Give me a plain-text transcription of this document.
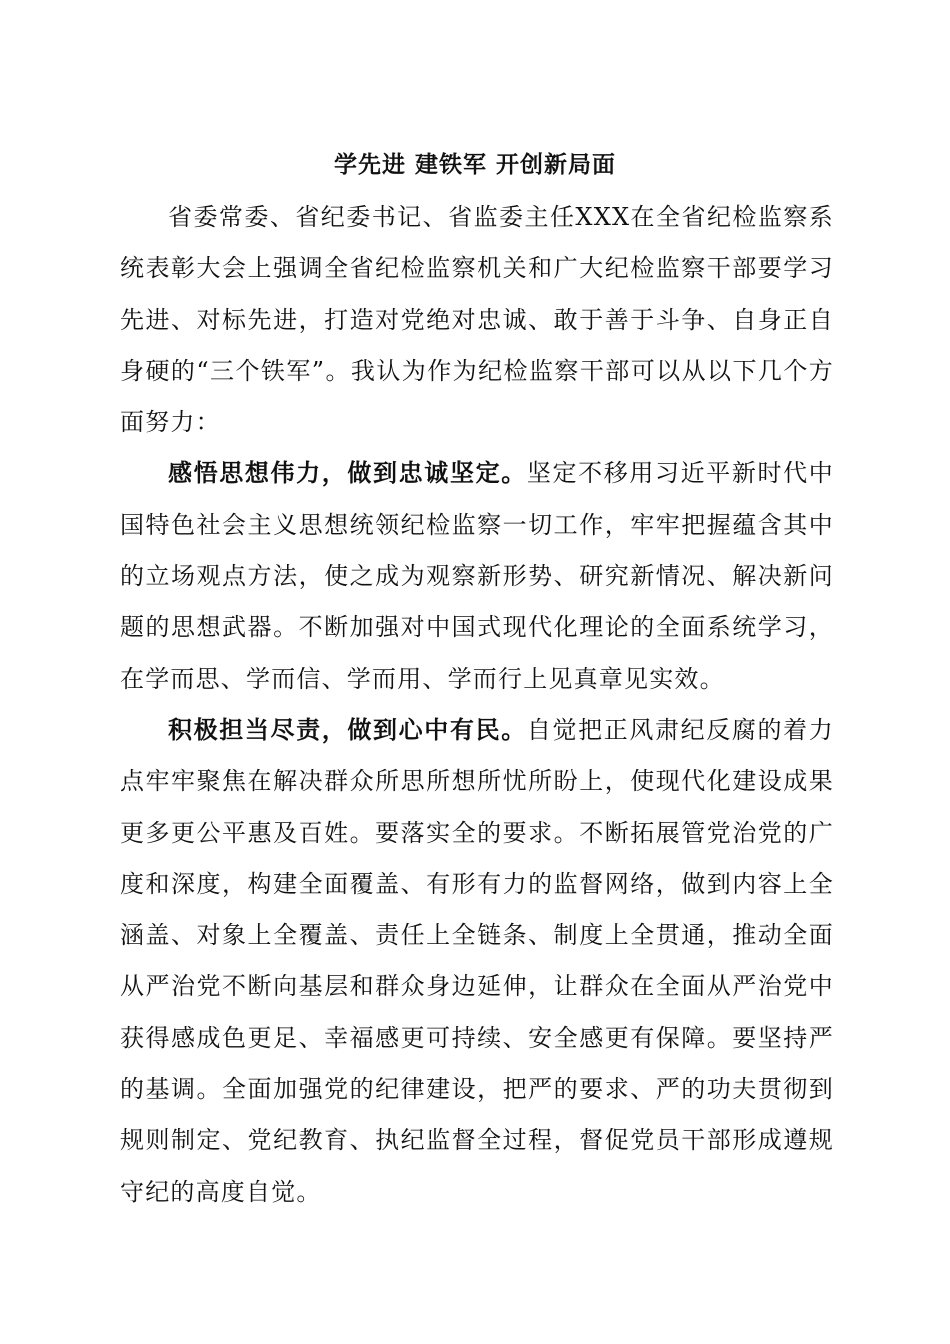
学先进 建铁军 开创新局面

省委常委、省纪委书记、省监委主任XXX在全省纪检监察系统表彰大会上强调全省纪检监察机关和广大纪检监察干部要学习先进、对标先进，打造对党绝对忠诚、敢于善于斗争、自身正自身硬的“三个铁军”。我认为作为纪检监察干部可以从以下几个方面努力：

感悟思想伟力，做到忠诚坚定。坚定不移用习近平新时代中国特色社会主义思想统领纪检监察一切工作，牢牢把握蕴含其中的立场观点方法，使之成为观察新形势、研究新情况、解决新问题的思想武器。不断加强对中国式现代化理论的全面系统学习，在学而思、学而信、学而用、学而行上见真章见实效。

积极担当尽责，做到心中有民。自觉把正风肃纪反腐的着力点牢牢聚焦在解决群众所思所想所忧所盼上，使现代化建设成果更多更公平惠及百姓。要落实全的要求。不断拓展管党治党的广度和深度，构建全面覆盖、有形有力的监督网络，做到内容上全涵盖、对象上全覆盖、责任上全链条、制度上全贯通，推动全面从严治党不断向基层和群众身边延伸，让群众在全面从严治党中获得感成色更足、幸福感更可持续、安全感更有保障。要坚持严的基调。全面加强党的纪律建设，把严的要求、严的功夫贯彻到规则制定、党纪教育、执纪监督全过程，督促党员干部形成遵规守纪的高度自觉。
